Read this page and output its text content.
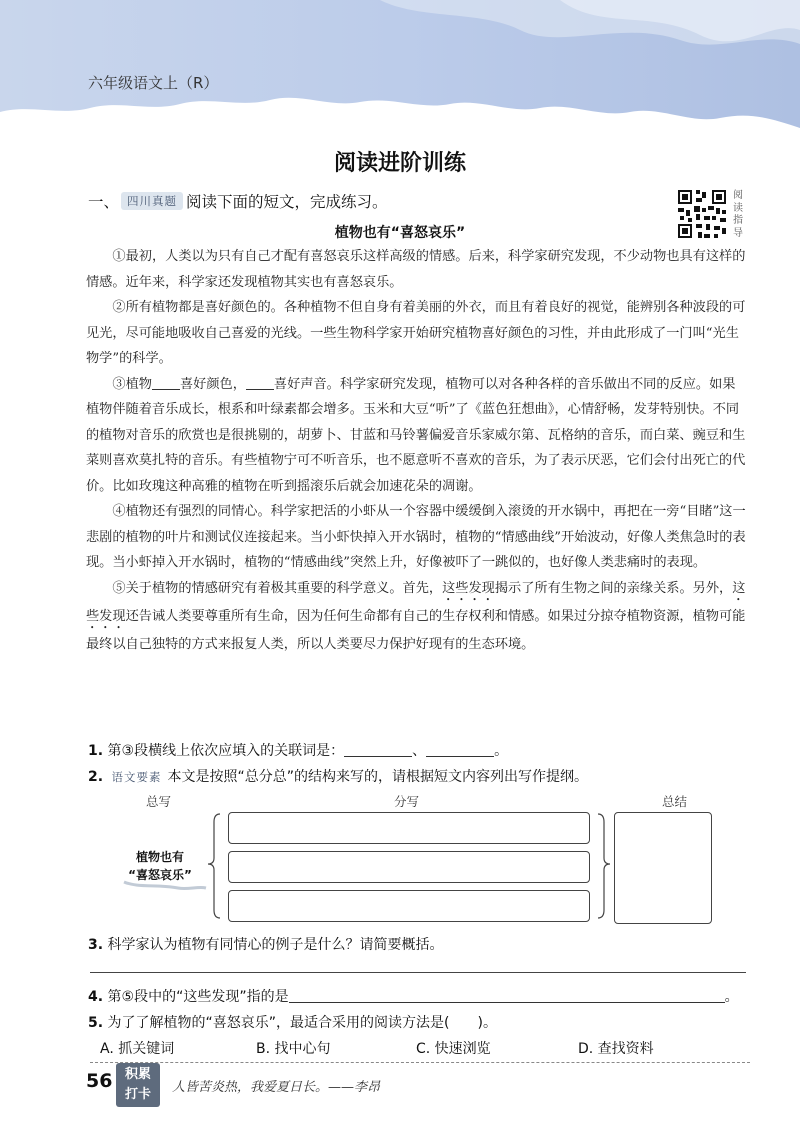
六年级语文上（R）
阅读进阶训练
一、 四川真题 阅读下面的短文，完成练习。	阅读指导
植物也有“喜怒哀乐”

①最初，人类以为只有自己才配有喜怒哀乐这样高级的情感。后来，科学家研究发现，不少动物也具有这样的情感。近年来，科学家还发现植物其实也有喜怒哀乐。

②所有植物都是喜好颜色的。各种植物不但自身有着美丽的外衣，而且有着良好的视觉，能辨别各种波段的可见光，尽可能地吸收自己喜爱的光线。一些生物科学家开始研究植物喜好颜色的习性，并由此形成了一门叫“光生物学”的科学。

③植物 喜好颜色， 喜好声音。科学家研究发现，植物可以对各种各样的音乐做出不同的反应。如果植物伴随着音乐成长，根系和叶绿素都会增多。玉米和大豆“听”了《蓝色狂想曲》，心情舒畅，发芽特别快。不同的植物对音乐的欣赏也是很挑剔的，胡萝卜、甘蓝和马铃薯偏爱音乐家威尔第、瓦格纳的音乐，而白菜、豌豆和生菜则喜欢莫扎特的音乐。有些植物宁可不听音乐，也不愿意听不喜欢的音乐，为了表示厌恶，它们会付出死亡的代价。比如玫瑰这种高雅的植物在听到摇滚乐后就会加速花朵的凋谢。

④植物还有强烈的同情心。科学家把活的小虾从一个容器中缓缓倒入滚烫的开水锅中，再把在一旁“目睹”这一悲剧的植物的叶片和测试仪连接起来。当小虾快掉入开水锅时，植物的“情感曲线”开始波动，好像人类焦急时的表现。当小虾掉入开水锅时，植物的“情感曲线”突然上升，好像被吓了一跳似的，也好像人类悲痛时的表现。

⑤关于植物的情感研究有着极其重要的科学意义。首先，这些发现揭示了所有生物之间的亲缘关系。另外，这些发现还告诫人类要尊重所有生命，因为任何生命都有自己的生存权利和情感。如果过分掠夺植物资源，植物可能最终以自己独特的方式来报复人类，所以人类要尽力保护好现有的生态环境。

1. 第③段横线上依次应填入的关联词是：	、	。
2. 语文要素 本文是按照“总分总”的结构来写的，请根据短文内容列出写作提纲。
总写	分写	总结
植物也有
“喜怒哀乐”
3. 科学家认为植物有同情心的例子是什么？请简要概括。
4. 第⑤段中的“这些发现”指的是	。
5. 为了了解植物的“喜怒哀乐”，最适合采用的阅读方法是(　　)。
A. 抓关键词	B. 找中心句	C. 快速浏览	D. 查找资料
56 积累
打卡	人皆苦炎热，我爱夏日长。——李昂
